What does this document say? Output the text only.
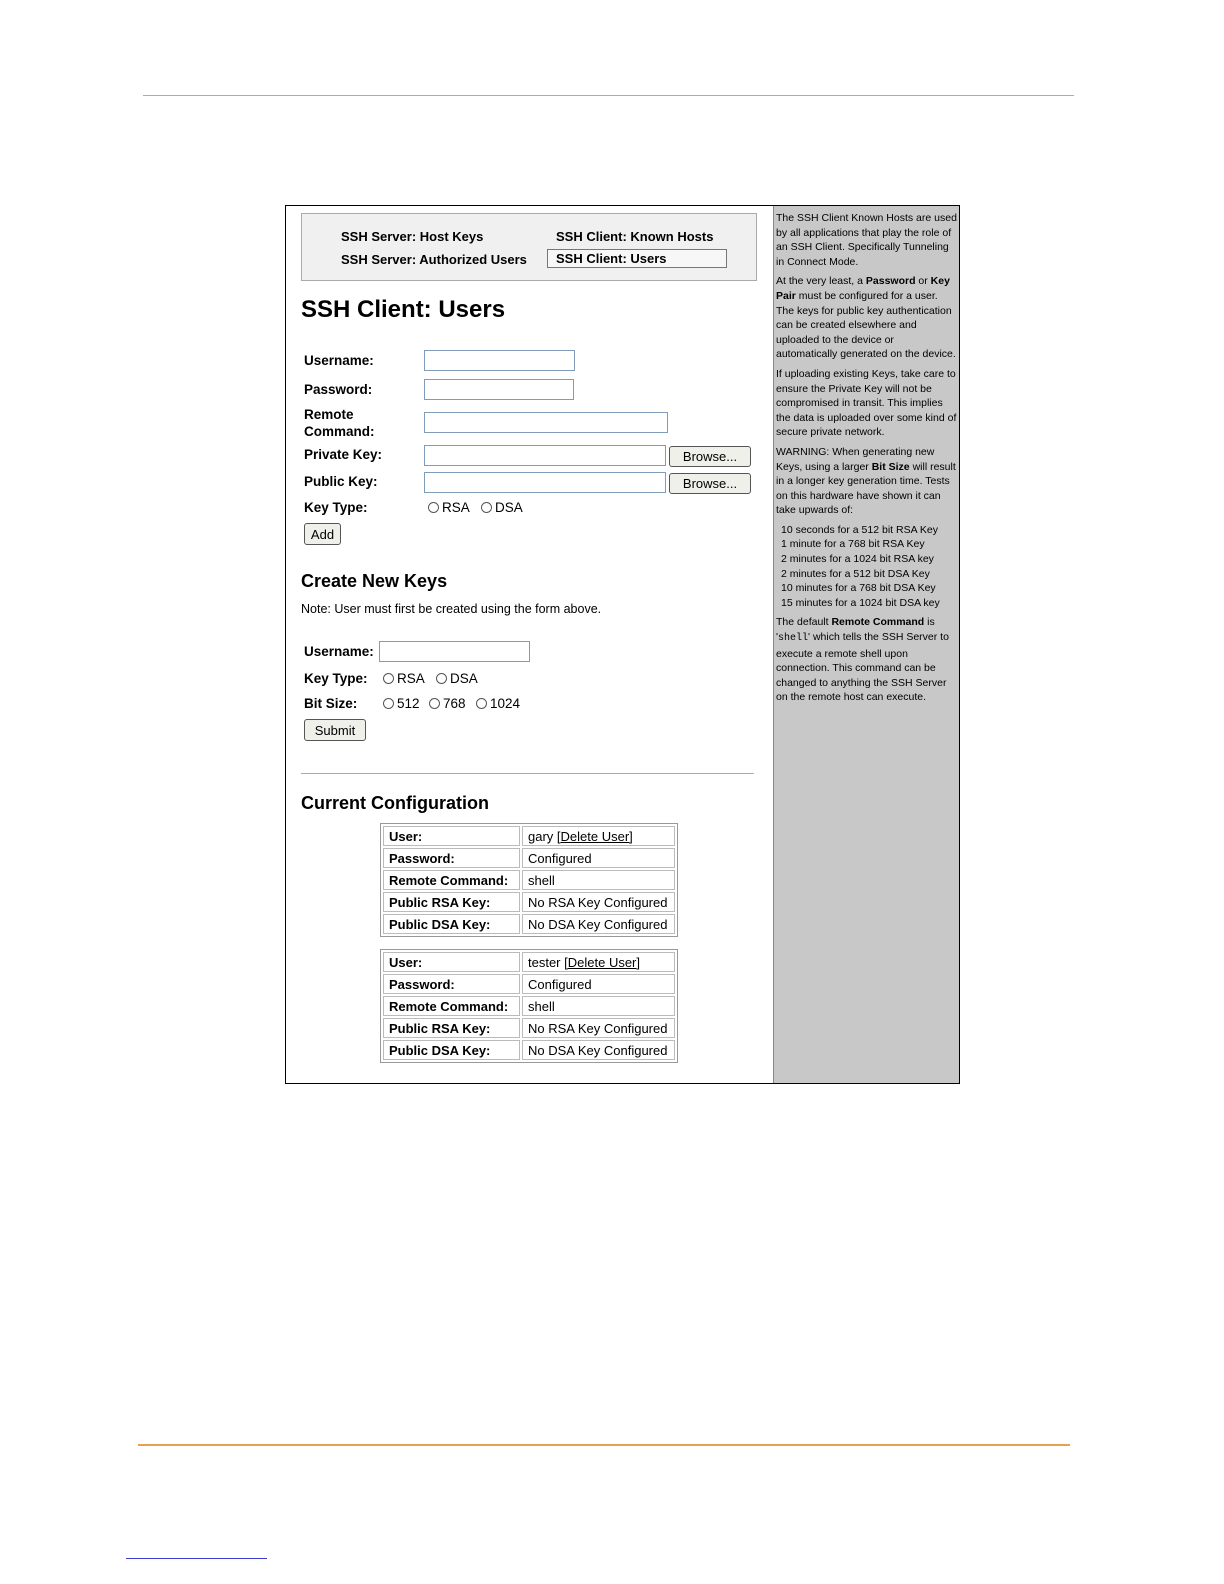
SSH Server: Host Keys
SSH Server: Authorized Users
SSH Client: Known Hosts
SSH Client: Users
SSH Client: Users
Username:
Password:
Remote
Command:
Private Key:	Browse...
Public Key:	Browse...
Key Type:	RSA DSA
Add
Create New Keys
Note: User must first be created using the form above.
Username:
Key Type: RSA DSA
Bit Size:	512 768 1024
Submit
Current Configuration
User:	gary [Delete User]
Password:	Configured
Remote Command:	shell
Public RSA Key:	No RSA Key Configured
Public DSA Key:	No DSA Key Configured
User:	tester [Delete User]
Password:	Configured
Remote Command:	shell
Public RSA Key:	No RSA Key Configured
Public DSA Key:	No DSA Key Configured

The SSH Client Known Hosts are used by all applications that play the role of an SSH Client. Specifically Tunneling in Connect Mode.

At the very least, a Password or Key Pair must be configured for a user. The keys for public key authentication can be created elsewhere and uploaded to the device or automatically generated on the device.

If uploading existing Keys, take care to ensure the Private Key will not be compromised in transit. This implies the data is uploaded over some kind of secure private network.

WARNING: When generating new Keys, using a larger Bit Size will result in a longer key generation time. Tests on this hardware have shown it can take upwards of:

10 seconds for a 512 bit RSA Key
1 minute for a 768 bit RSA Key
2 minutes for a 1024 bit RSA key
2 minutes for a 512 bit DSA Key
10 minutes for a 768 bit DSA Key
15 minutes for a 1024 bit DSA key

The default Remote Command is 'shell' which tells the SSH Server to execute a remote shell upon connection. This command can be changed to anything the SSH Server on the remote host can execute.
